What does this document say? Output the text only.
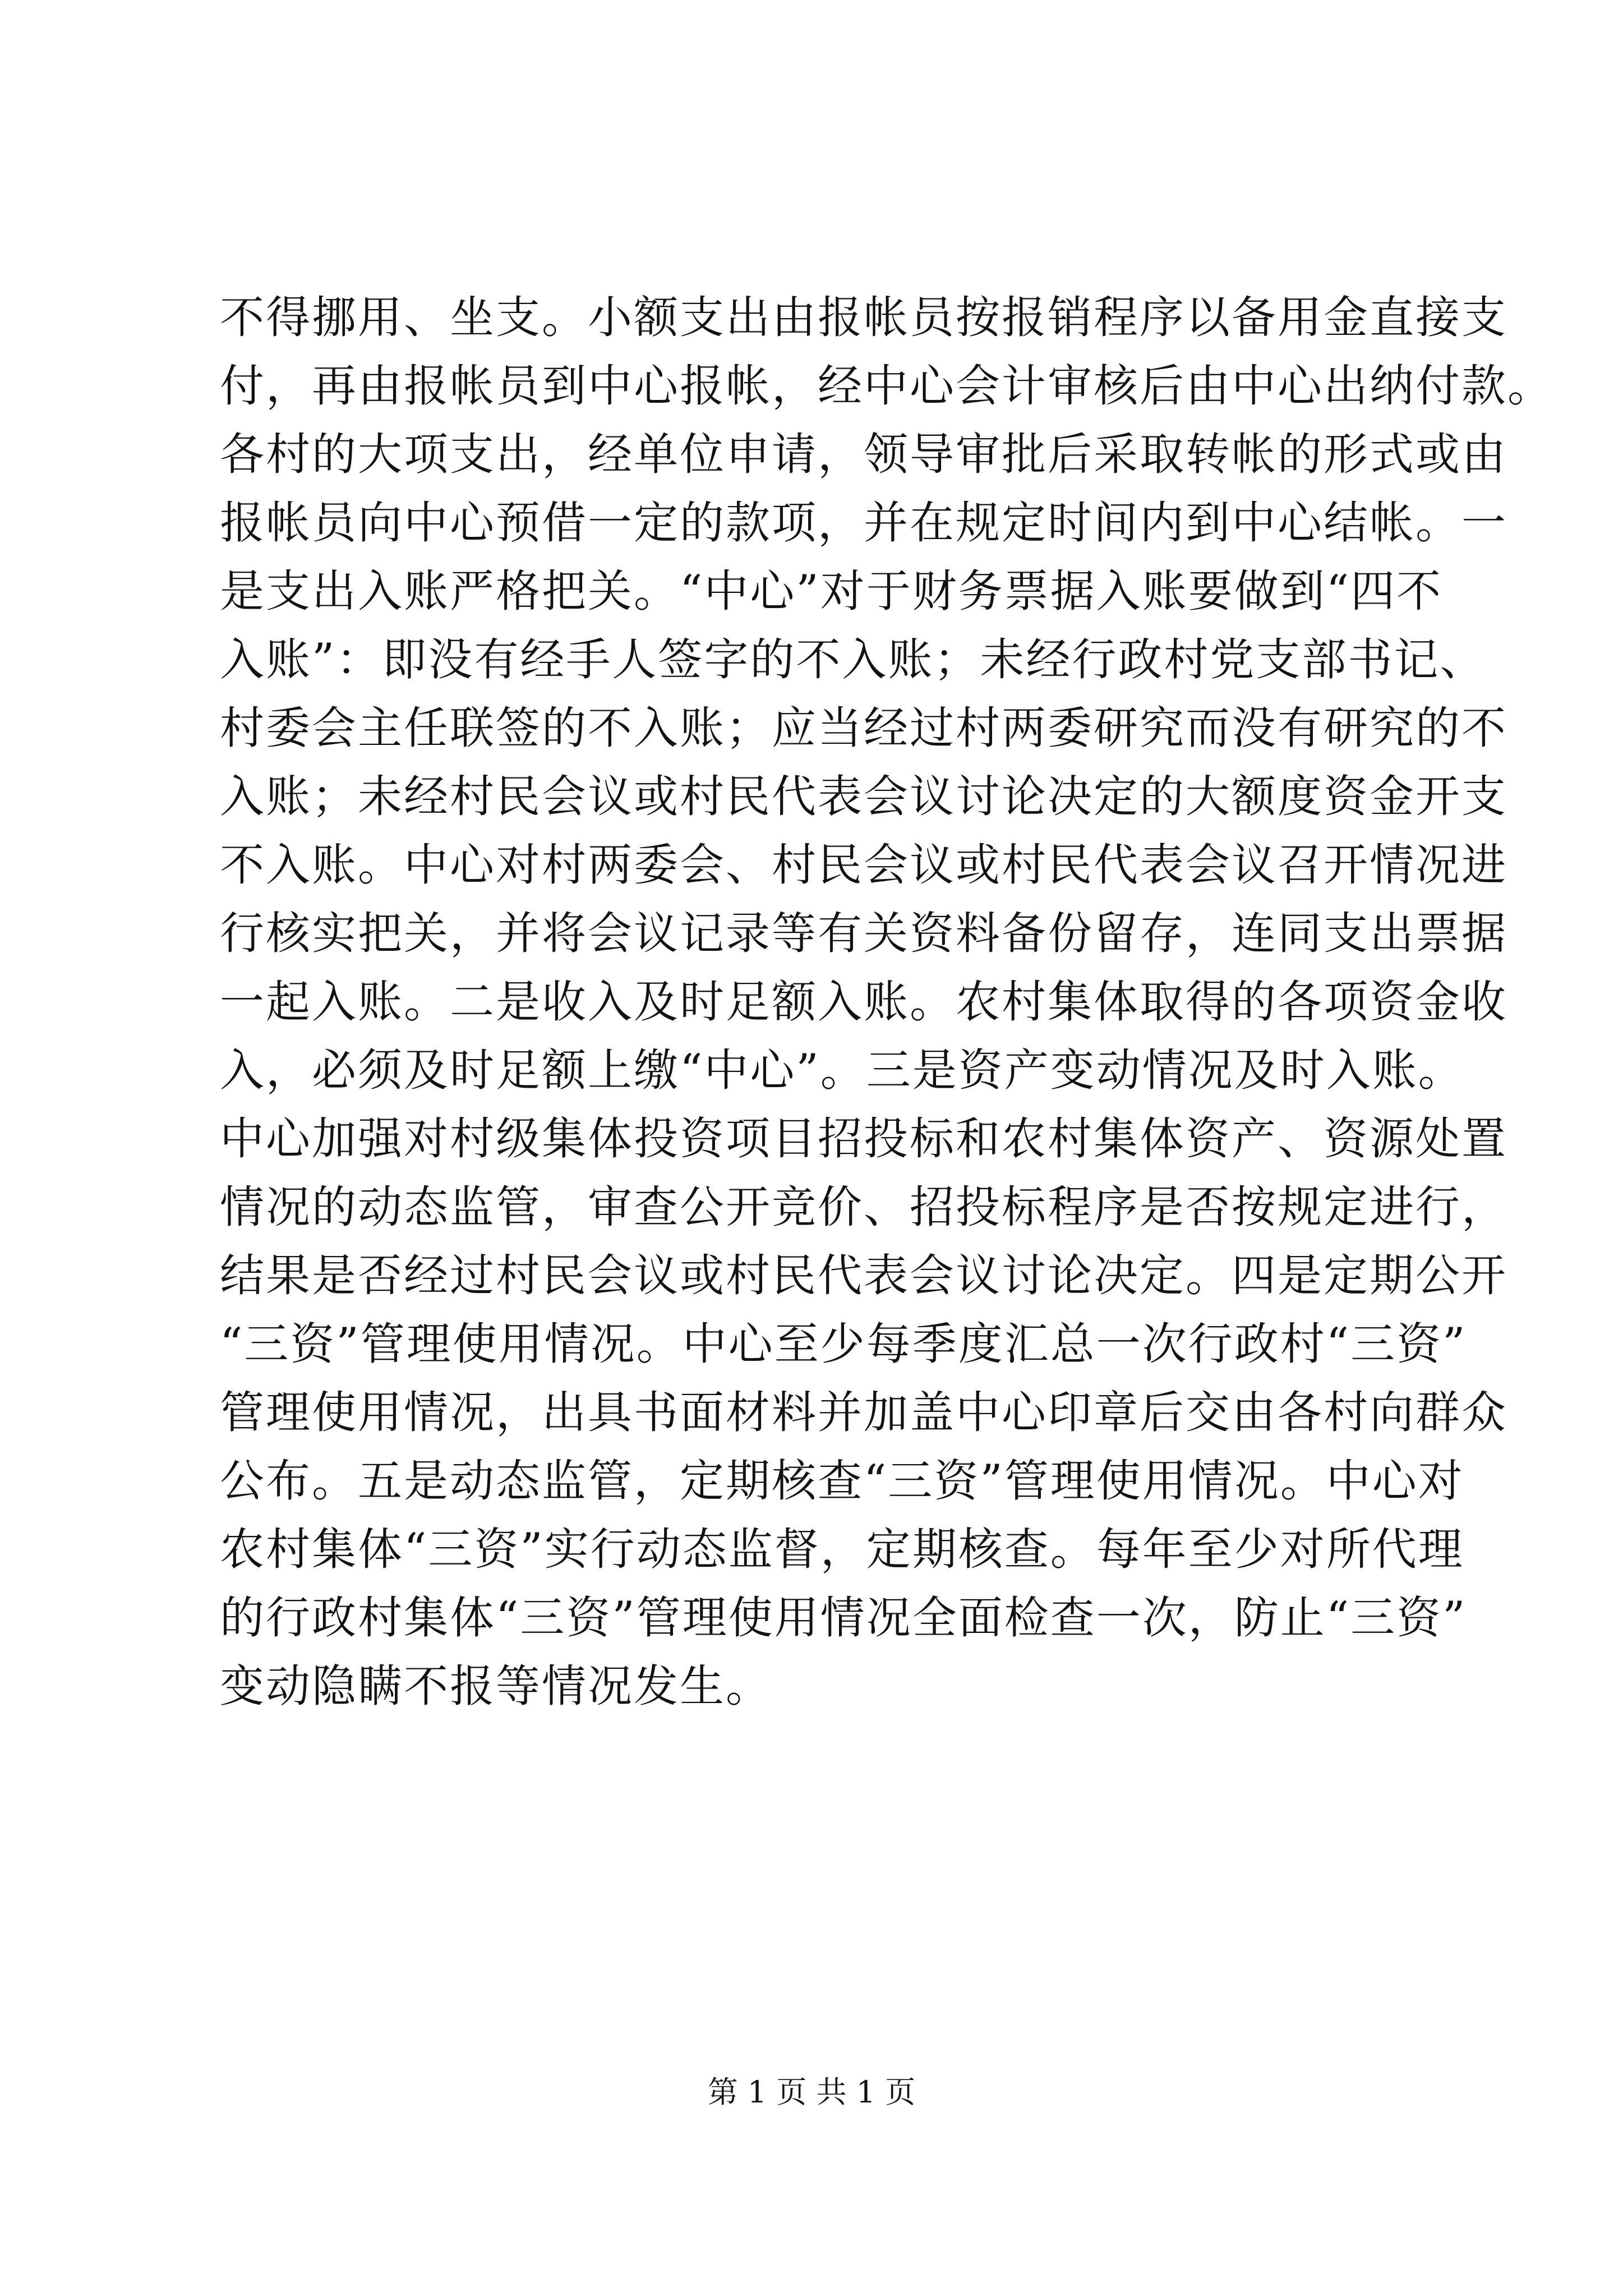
不得挪用、坐支。小额支出由报帐员按报销程序以备用金直接支
付，再由报帐员到中心报帐，经中心会计审核后由中心出纳付款。
各村的大项支出，经单位申请，领导审批后采取转帐的形式或由
报帐员向中心预借一定的款项，并在规定时间内到中心结帐。一
是支出入账严格把关。“中心”对于财务票据入账要做到“四不
入账”：即没有经手人签字的不入账；未经行政村党支部书记、
村委会主任联签的不入账；应当经过村两委研究而没有研究的不
入账；未经村民会议或村民代表会议讨论决定的大额度资金开支
不入账。中心对村两委会、村民会议或村民代表会议召开情况进
行核实把关，并将会议记录等有关资料备份留存，连同支出票据
一起入账。二是收入及时足额入账。农村集体取得的各项资金收
入，必须及时足额上缴“中心”。三是资产变动情况及时入账。
中心加强对村级集体投资项目招投标和农村集体资产、资源处置
情况的动态监管，审查公开竞价、招投标程序是否按规定进行，
结果是否经过村民会议或村民代表会议讨论决定。四是定期公开
“三资”管理使用情况。中心至少每季度汇总一次行政村“三资”
管理使用情况，出具书面材料并加盖中心印章后交由各村向群众
公布。五是动态监管，定期核查“三资”管理使用情况。中心对
农村集体“三资”实行动态监督，定期核查。每年至少对所代理
的行政村集体“三资”管理使用情况全面检查一次，防止“三资”
变动隐瞒不报等情况发生。
第 1 页 共 1 页
